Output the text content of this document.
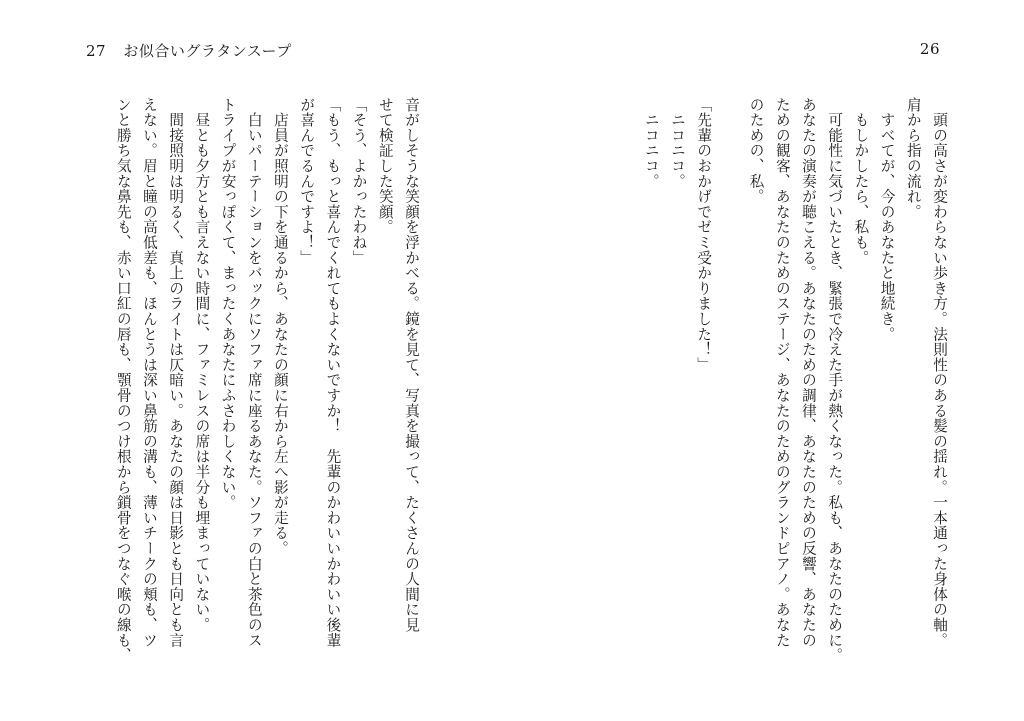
27 お似合いグラタンスープ
音がしそうな笑顔を浮かべる。鏡を見て、写真を撮って、たくさんの人間に見
せて検証した笑顔。
「そう、よかったわね」
「もう、もっと喜んでくれてもよくないですか！　先輩のかわいいかわいい後輩
が喜んでるんですよ！」
　店員が照明の下を通るから、あなたの顔に右から左へ影が走る。
　白いパーテーションをバックにソファ席に座るあなた。ソファの白と茶色のス
トライプが安っぽくて、まったくあなたにふさわしくない。
　昼とも夕方とも言えない時間に、ファミレスの席は半分も埋まっていない。
　間接照明は明るく、真上のライトは仄暗い。あなたの顔は日影とも日向とも言
えない。眉と瞳の高低差も、ほんとうは深い鼻筋の溝も、薄いチークの頬も、ツ
ンと勝ち気な鼻先も、赤い口紅の唇も、顎骨のつけ根から鎖骨をつなぐ喉の線も、
26
　頭の高さが変わらない歩き方。法則性のある髪の揺れ。一本通った身体の軸。
肩から指の流れ。
　すべてが、今のあなたと地続き。
　もしかしたら、私も。
　可能性に気づいたとき、緊張で冷えた手が熱くなった。私も、あなたのために。
あなたの演奏が聴こえる。あなたのための調律、あなたのための反響、あなたの
ための観客、あなたのためのステージ、あなたのためのグランドピアノ。あなた
のための、私。
「先輩のおかげでゼミ受かりました！」
　ニコニコ。
　ニコニコ。
